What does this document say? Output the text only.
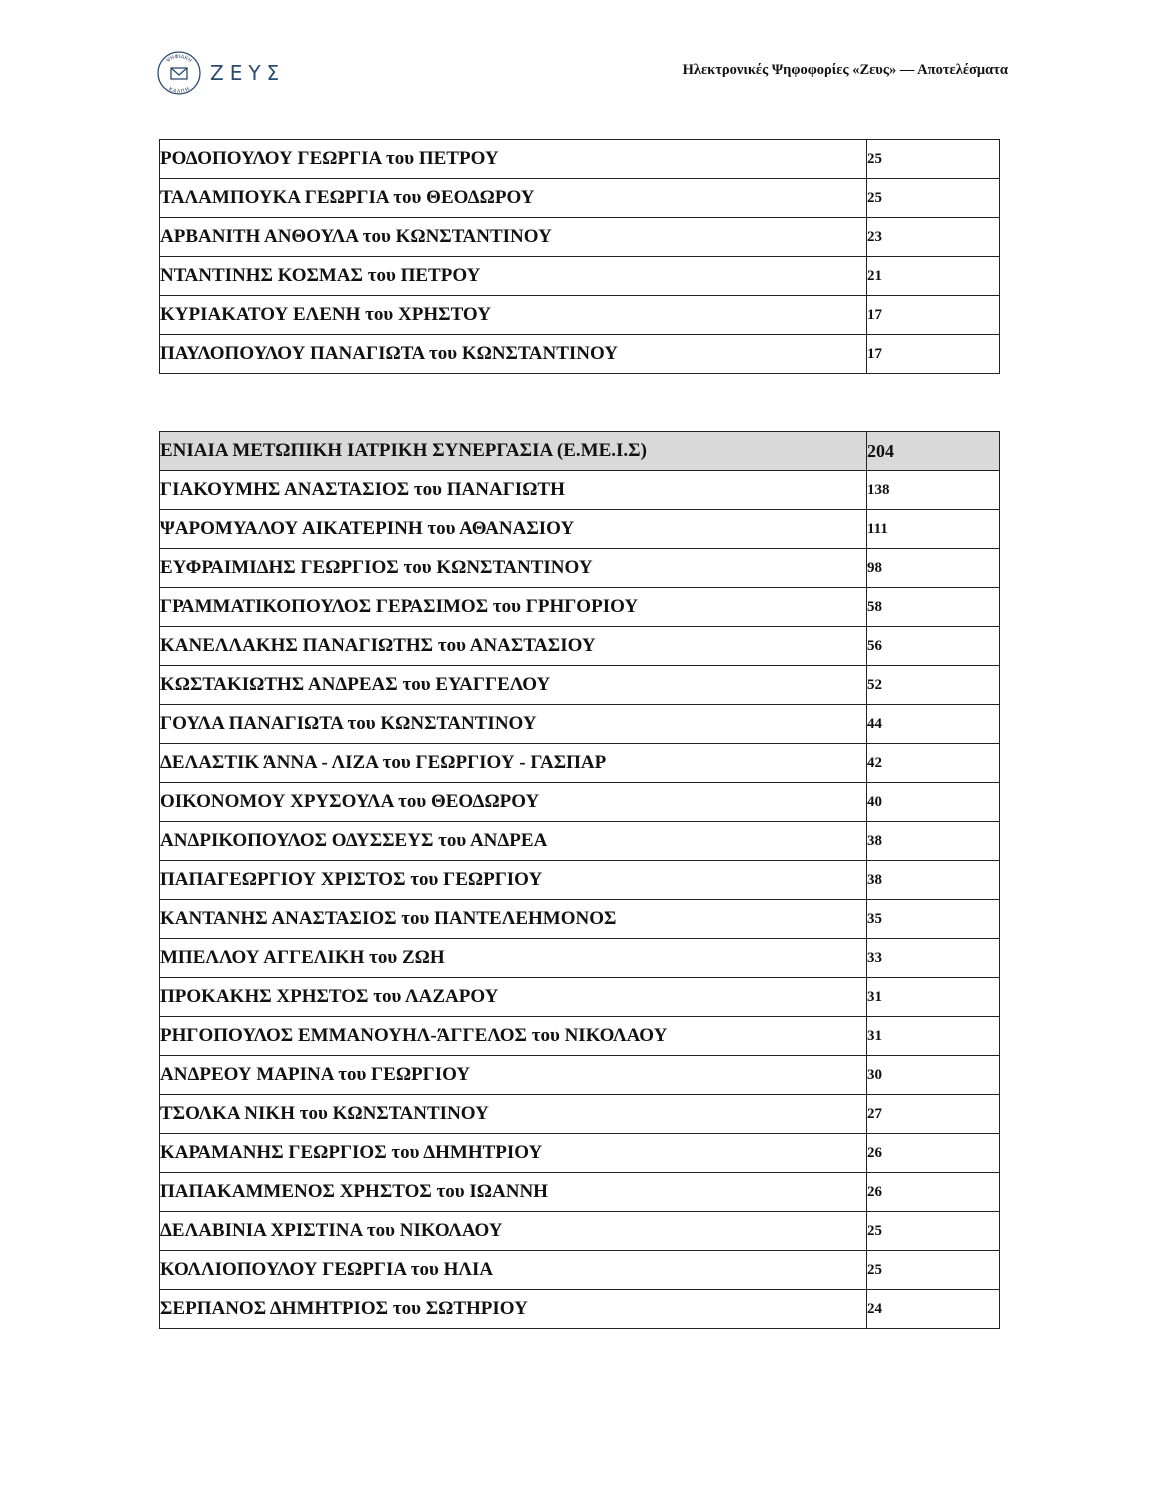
ΨΗΦΙΑΚΗ
ΚΑΛΠΗ
ΖΕΥΣ	Ηλεκτρονικές Ψηφοφορίες «Ζευς» — Αποτελέσματα
ΡΟΔΟΠΟΥΛΟΥ ΓΕΩΡΓΙΑ του ΠΕΤΡΟΥ	25
ΤΑΛΑΜΠΟΥΚΑ ΓΕΩΡΓΙΑ του ΘΕΟΔΩΡΟΥ	25
ΑΡΒΑΝΙΤΗ ΑΝΘΟΥΛΑ του ΚΩΝΣΤΑΝΤΙΝΟΥ	23
ΝΤΑΝΤΙΝΗΣ ΚΟΣΜΑΣ του ΠΕΤΡΟΥ	21
ΚΥΡΙΑΚΑΤΟΥ ΕΛΕΝΗ του ΧΡΗΣΤΟΥ	17
ΠΑΥΛΟΠΟΥΛΟΥ ΠΑΝΑΓΙΩΤΑ του ΚΩΝΣΤΑΝΤΙΝΟΥ	17
ΕΝΙΑΙΑ ΜΕΤΩΠΙΚΗ ΙΑΤΡΙΚΗ ΣΥΝΕΡΓΑΣΙΑ (Ε.ΜΕ.Ι.Σ)	204
ΓΙΑΚΟΥΜΗΣ ΑΝΑΣΤΑΣΙΟΣ του ΠΑΝΑΓΙΩΤΗ	138
ΨΑΡΟΜΥΑΛΟΥ ΑΙΚΑΤΕΡΙΝΗ του ΑΘΑΝΑΣΙΟΥ	111
ΕΥΦΡΑΙΜΙΔΗΣ ΓΕΩΡΓΙΟΣ του ΚΩΝΣΤΑΝΤΙΝΟΥ	98
ΓΡΑΜΜΑΤΙΚΟΠΟΥΛΟΣ ΓΕΡΑΣΙΜΟΣ του ΓΡΗΓΟΡΙΟΥ	58
ΚΑΝΕΛΛΑΚΗΣ ΠΑΝΑΓΙΩΤΗΣ του ΑΝΑΣΤΑΣΙΟΥ	56
ΚΩΣΤΑΚΙΩΤΗΣ ΑΝΔΡΕΑΣ του ΕΥΑΓΓΕΛΟΥ	52
ΓΟΥΛΑ ΠΑΝΑΓΙΩΤΑ του ΚΩΝΣΤΑΝΤΙΝΟΥ	44
ΔΕΛΑΣΤΙΚ ΆΝΝΑ - ΛΙΖΑ του ΓΕΩΡΓΙΟΥ - ΓΑΣΠΑΡ	42
ΟΙΚΟΝΟΜΟΥ ΧΡΥΣΟΥΛΑ του ΘΕΟΔΩΡΟΥ	40
ΑΝΔΡΙΚΟΠΟΥΛΟΣ ΟΔΥΣΣΕΥΣ του ΑΝΔΡΕΑ	38
ΠΑΠΑΓΕΩΡΓΙΟΥ ΧΡΙΣΤΟΣ του ΓΕΩΡΓΙΟΥ	38
ΚΑΝΤΑΝΗΣ ΑΝΑΣΤΑΣΙΟΣ του ΠΑΝΤΕΛΕΗΜΟΝΟΣ	35
ΜΠΕΛΛΟΥ ΑΓΓΕΛΙΚΗ του ΖΩΗ	33
ΠΡΟΚΑΚΗΣ ΧΡΗΣΤΟΣ του ΛΑΖΑΡΟΥ	31
ΡΗΓΟΠΟΥΛΟΣ ΕΜΜΑΝΟΥΗΛ-ΆΓΓΕΛΟΣ του ΝΙΚΟΛΑΟΥ	31
ΑΝΔΡΕΟΥ ΜΑΡΙΝΑ του ΓΕΩΡΓΙΟΥ	30
ΤΣΟΛΚΑ ΝΙΚΗ του ΚΩΝΣΤΑΝΤΙΝΟΥ	27
ΚΑΡΑΜΑΝΗΣ ΓΕΩΡΓΙΟΣ του ΔΗΜΗΤΡΙΟΥ	26
ΠΑΠΑΚΑΜΜΕΝΟΣ ΧΡΗΣΤΟΣ του ΙΩΑΝΝΗ	26
ΔΕΛΑΒΙΝΙΑ ΧΡΙΣΤΙΝΑ του ΝΙΚΟΛΑΟΥ	25
ΚΟΛΛΙΟΠΟΥΛΟΥ ΓΕΩΡΓΙΑ του ΗΛΙΑ	25
ΣΕΡΠΑΝΟΣ ΔΗΜΗΤΡΙΟΣ του ΣΩΤΗΡΙΟΥ	24
